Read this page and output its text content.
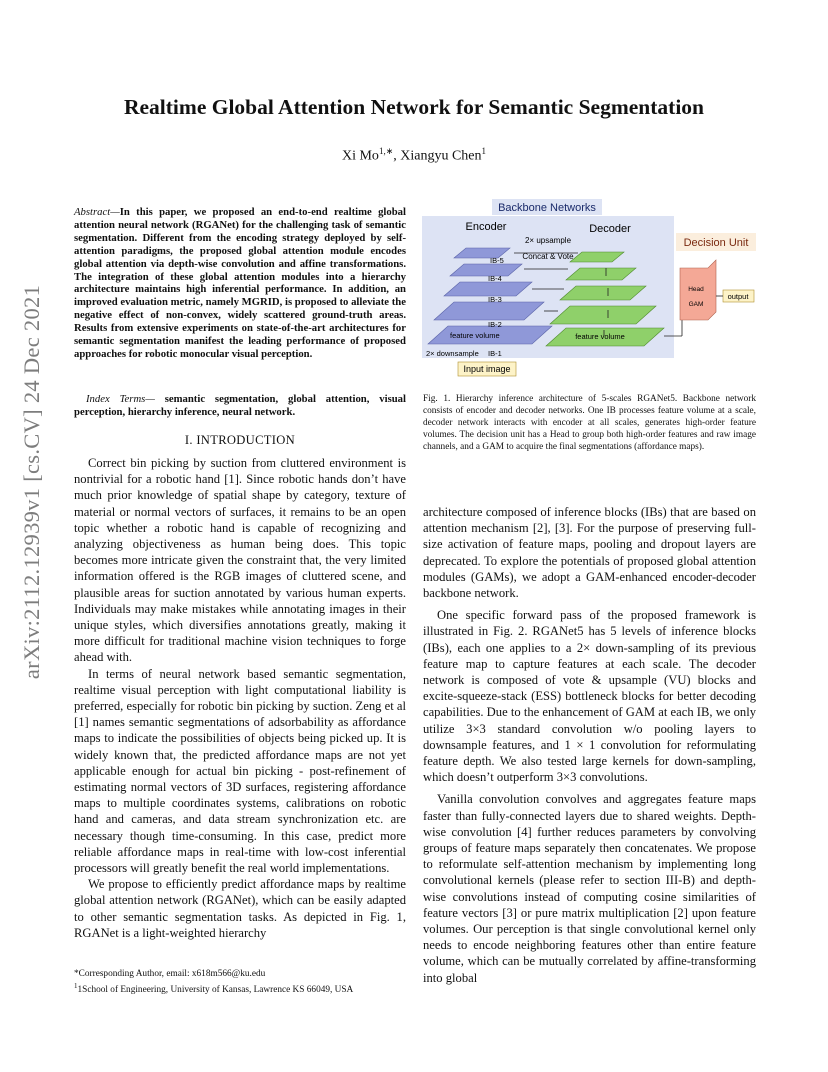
arXiv:2112.12939v1 [cs.CV] 24 Dec 2021
Realtime Global Attention Network for Semantic Segmentation
Xi $Mo^{1,∗}$, Xiangyu Chen$^1$
Abstract—In this paper, we proposed an end-to-end realtime global attention neural network (RGANet) for the challenging task of semantic segmentation. Different from the encoding strategy deployed by self-attention paradigms, the proposed global attention module encodes global attention via depth-wise convolution and affine transformations. The integration of these global attention modules into a hierarchy architecture maintains high inferential performance. In addition, an improved evaluation metric, namely MGRID, is proposed to alleviate the negative effect of non-convex, widely scattered ground-truth areas. Results from extensive experiments on state-of-the-art architectures for semantic segmentation manifest the leading performance of proposed approaches for robotic monocular visual perception.
Index Terms— semantic segmentation, global attention, visual perception, hierarchy inference, neural network.
I. INTRODUCTION

Correct bin picking by suction from cluttered environment is nontrivial for a robotic hand [1]. Since robotic hands don’t have much prior knowledge of spatial shape by category, texture of material or normal vectors of surfaces, it remains to be an open topic whether a robotic hand is capable of recognizing and analyzing objectiveness as human being does. This topic becomes more intricate given the constraint that, the very limited information offered is the RGB images of cluttered scene, and plausible areas for suction annotated by various human experts. Individuals may make mistakes while annotating images in their unique styles, which diversifies annotations greatly, making it more difficult for traditional machine vision techniques to forge ahead with.

In terms of neural network based semantic segmentation, realtime visual perception with light computational liability is preferred, especially for robotic bin picking by suction. Zeng et al [1] names semantic segmentations of adsorbability as affordance maps to indicate the possibilities of objects being picked up. It is widely known that, the predicted affordance maps are not yet applicable enough for actual bin picking - post-refinement of estimating normal vectors of 3D surfaces, registering affordance maps to multiple coordinates systems, calibrations on robotic hand and cameras, and data stream synchronization etc. are necessary though time-consuming. In this case, predict more reliable affordance maps in real-time with low-cost inferential processors will greatly benefit the real world implementations.

We propose to efficiently predict affordance maps by realtime global attention network (RGANet), which can be easily adapted to other semantic segmentation tasks. As depicted in Fig. 1, RGANet is a light-weighted hierarchy

*Corresponding Author, email: x618m566@ku.edu
$^1$1School of Engineering, University of Kansas, Lawrence KS 66049, USA
Backbone Networks
Decision Unit
Encoder	Decoder
2× upsample
Concat & Vote
IB-5
IB-4
IB-3
IB-2
IB-1
feature volume	feature volume
Head
GAM
output
2× downsample
Input image
Fig. 1. Hierarchy inference architecture of 5-scales RGANet5. Backbone network consists of encoder and decoder networks. One IB processes feature volume at a scale, decoder network interacts with encoder at all scales, generates high-order feature volumes. The decision unit has a Head to group both high-order features and raw image channels, and a GAM to acquire the final segmentations (affordance maps).

architecture composed of inference blocks (IBs) that are based on attention mechanism [2], [3]. For the purpose of preserving full-size activation of feature maps, pooling and dropout layers are deprecated. To explore the potentials of proposed global attention modules (GAMs), we adopt a GAM-enhanced encoder-decoder backbone network.

One specific forward pass of the proposed framework is illustrated in Fig. 2. RGANet5 has 5 levels of inference blocks (IBs), each one applies to a 2× down-sampling of its previous feature map to capture features at each scale. The decoder network is composed of vote & upsample (VU) blocks and excite-squeeze-stack (ESS) bottleneck blocks for better decoding capabilities. Due to the enhancement of GAM at each IB, we only utilize 3×3 standard convolution w/o pooling layers to downsample features, and 1 × 1 convolution for reformulating feature depth. We also tested large kernels for down-sampling, which doesn’t outperform 3×3 convolutions.

Vanilla convolution convolves and aggregates feature maps faster than fully-connected layers due to shared weights. Depth-wise convolution [4] further reduces parameters by convolving groups of feature maps separately then concatenates. We propose to reformulate self-attention mechanism by implementing long convolutional kernels (please refer to section III-B) and depth-wise convolutions instead of computing cosine similarities of feature vectors [3] or pure matrix multiplication [2] upon feature volumes. Our perception is that single convolutional kernel only needs to encode neighboring features other than entire feature volume, which can be mutually correlated by affine-transforming into global
